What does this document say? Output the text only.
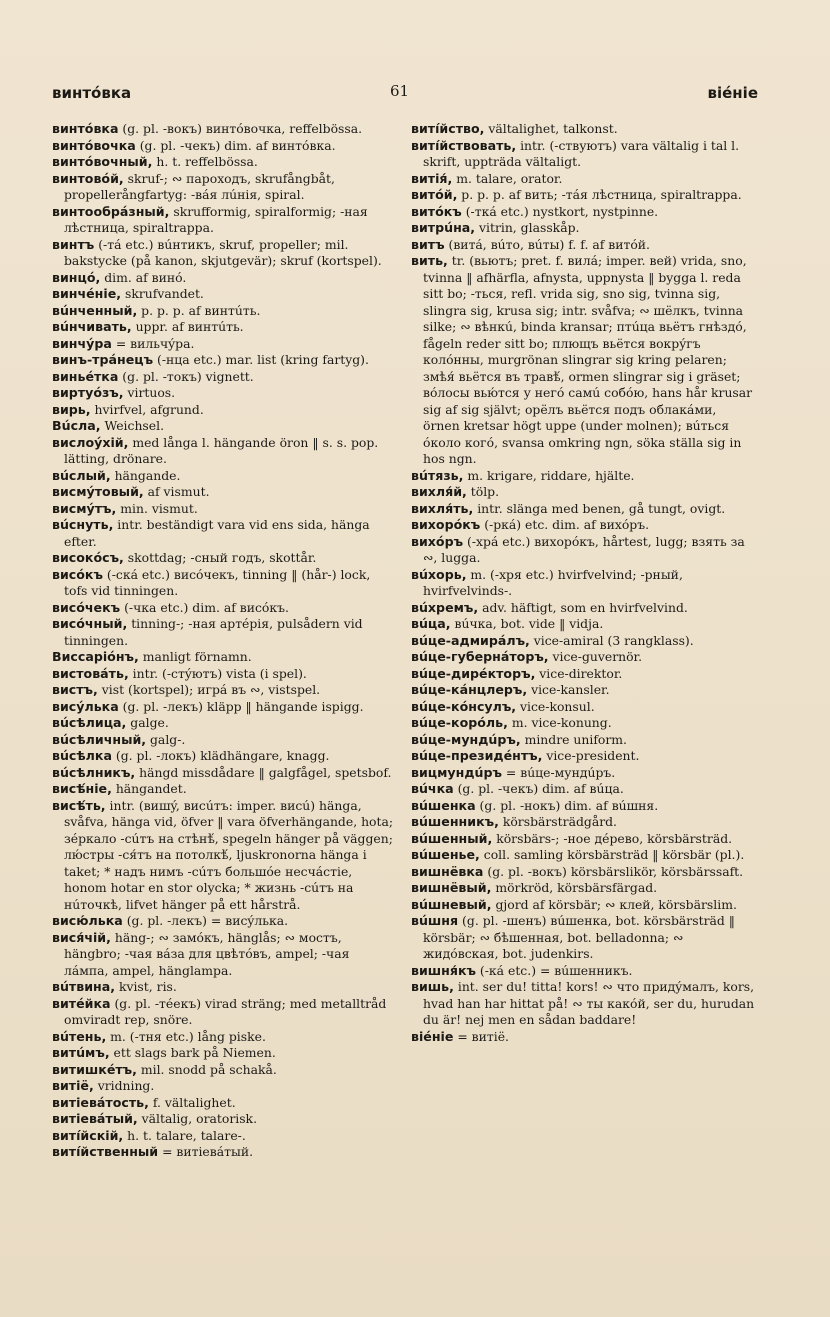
винтóвка	61	віéніе

винтóвка (g. pl. -вокъ) винтóвочка, reffelbössa.

винтóвочка (g. pl. -чекъ) dim. af винтóвка.

винтóвочный, h. t. reffelbössa.

винтовóй, skruf-; ∾ пароходъ, skrufångbåt, propellerångfartyg: -вáя лúнія, spiral.

винтообрáзный, skrufformig, spiralformig; -ная лѣстница, spiraltrappa.

винтъ (-тá etc.) вúнтикъ, skruf, propeller; mil. bakstycke (på kanon, skjutgevär); skruf (kortspel).

винцó, dim. af винó.

винчéніе, skrufvandet.

вúнченный, p. p. p. af винтúть.

вúнчивать, uppr. af винтúть.

винчýра = вильчýра.

винъ-трáнецъ (-нца etc.) mar. list (kring fartyg).

виньéтка (g. pl. -токъ) vignett.

виртуóзъ, virtuos.

вирь, hvirfvel, afgrund.

Вúсла, Weichsel.

вислоýхій, med långa l. hängande öron ‖ s. s. pop. lätting, drönare.

вúслый, hängande.

висмýтовый, af vismut.

висмýтъ, min. vismut.

вúснуть, intr. beständigt vara vid ens sida, hänga efter.

високóсъ, skottdag; -сный годъ, skottår.

висóкъ (-скá etc.) висóчекъ, tinning ‖ (hår-) lock, tofs vid tinningen.

висóчекъ (-чка etc.) dim. af висóкъ.

висóчный, tinning-; -ная артéрія, pulsådern vid tinningen.

Виссаріóнъ, manligt förnamn.

вистовáть, intr. (-стýютъ) vista (i spel).

вистъ, vist (kortspel); игрá въ ∾, vistspel.

висýлька (g. pl. -лекъ) kläpp ‖ hängande ispigg.

вúсѣлица, galge.

вúсѣличный, galg-.

вúсѣлка (g. pl. -локъ) klädhängare, knagg.

вúсѣлникъ, hängd missdådare ‖ galgfågel, spetsbof.

висѣ́ніе, hängandet.

висѣ́ть, intr. (вишý, висúтъ: imper. висú) hänga, svåfva, hänga vid, öfver ‖ vara öfverhängande, hota; зéркало -сúтъ на стѣнѣ́, spegeln hänger på väggen; лю́стры -ся́тъ на потолкѣ́, ljuskronorna hänga i taket; * надъ нимъ -сúтъ большóе несчáстіе, honom hotar en stor olycka; * жизнь -сúтъ на нúточкѣ, lifvet hänger på ett hårstrå.

висю́лька (g. pl. -лекъ) = висýлька.

вися́чій, häng-; ∾ замóкъ, hänglås; ∾ мостъ, hängbro; -чая вáза для цвѣтóвъ, ampel; -чая лáмпа, ampel, hänglampa.

вúтвина, kvist, ris.

витéйка (g. pl. -тéекъ) virad sträng; med metalltråd omviradt rep, snöre.

вúтень, m. (-тня etc.) lång piske.

витúмъ, ett slags bark på Niemen.

витишкéтъ, mil. snodd på schakå.

витіё, vridning.

витіевáтость, f. vältalighet.

витіевáтый, vältalig, oratorisk.

витíйскій, h. t. talare, talare-.

витíйственный = витіевáтый.

витíйство, vältalighet, talkonst.

витíйствовать, intr. (-ствуютъ) vara vältalig i tal l. skrift, uppträda vältaligt.

витія́, m. talare, orator.

витóй, p. p. p. af вить; -тáя лѣстница, spiraltrappa.

витóкъ (-ткá etc.) nystkort, nystpinne.

витрúна, vitrin, glasskåp.

витъ (витá, вúто, вúты) f. f. af витóй.

вить, tr. (вьютъ; pret. f. вилá; imper. вей) vrida, sno, tvinna ‖ afhärfla, afnysta, uppnysta ‖ bygga l. reda sitt bo; -ться, refl. vrida sig, sno sig, tvinna sig, slingra sig, krusa sig; intr. svåfva; ∾ шёлкъ, tvinna silke; ∾ вѣнкú, binda kransar; птúца вьётъ гнѣздó, fågeln reder sitt bo; плющъ вьётся вокрýгъ колóнны, murgrönan slingrar sig kring pelaren; змѣя́ вьётся въ травѣ́, ormen slingrar sig i gräset; вóлосы вью́тся у негó самú собóю, hans hår krusar sig af sig självt; орёлъ вьётся подъ облакáми, örnen kretsar högt uppe (under molnen); вúться óколо когó, svansa omkring ngn, söka ställa sig in hos ngn.

вúтязь, m. krigare, riddare, hjälte.

вихля́й, tölp.

вихля́ть, intr. slänga med benen, gå tungt, ovigt.

вихорóкъ (-ркá) etc. dim. af вихóръ.

вихóръ (-хрá etc.) вихорóкъ, hårtest, lugg; взять за ∾, lugga.

вúхорь, m. (-хря etc.) hvirfvelvind; -рный, hvirfvelvinds-.

вúхремъ, adv. häftigt, som en hvirfvelvind.

вúца, вúчка, bot. vide ‖ vidja.

вúце-адмирáлъ, vice-amiral (3 rangklass).

вúце-губернáторъ, vice-guvernör.

вúце-дирéкторъ, vice-direktor.

вúце-кáнцлеръ, vice-kansler.

вúце-кóнсулъ, vice-konsul.

вúце-корóль, m. vice-konung.

вúце-мундúръ, mindre uniform.

вúце-президéнтъ, vice-president.

вицмундúръ = вúце-мундúръ.

вúчка (g. pl. -чекъ) dim. af вúца.

вúшенка (g. pl. -нокъ) dim. af вúшня.

вúшенникъ, körsbärsträdgård.

вúшенный, körsbärs-; -ное дéрево, körsbärsträd.

вúшенье, coll. samling körsbärsträd ‖ körsbär (pl.).

вишнёвка (g. pl. -вокъ) körsbärslikör, körsbärssaft.

вишнёвый, mörkröd, körsbärsfärgad.

вúшневый, gjord af körsbär; ∾ клей, körsbärslim.

вúшня (g. pl. -шенъ) вúшенка, bot. körsbärsträd ‖ körsbär; ∾ бѣшенная, bot. belladonna; ∾ жидóвская, bot. judenkirs.

вишня́къ (-кá etc.) = вúшенникъ.

вишь, int. ser du! titta! kors! ∾ что придýмалъ, kors, hvad han har hittat på! ∾ ты какóй, ser du, hurudan du är! nej men en sådan baddare!

віéніе = витіё.
